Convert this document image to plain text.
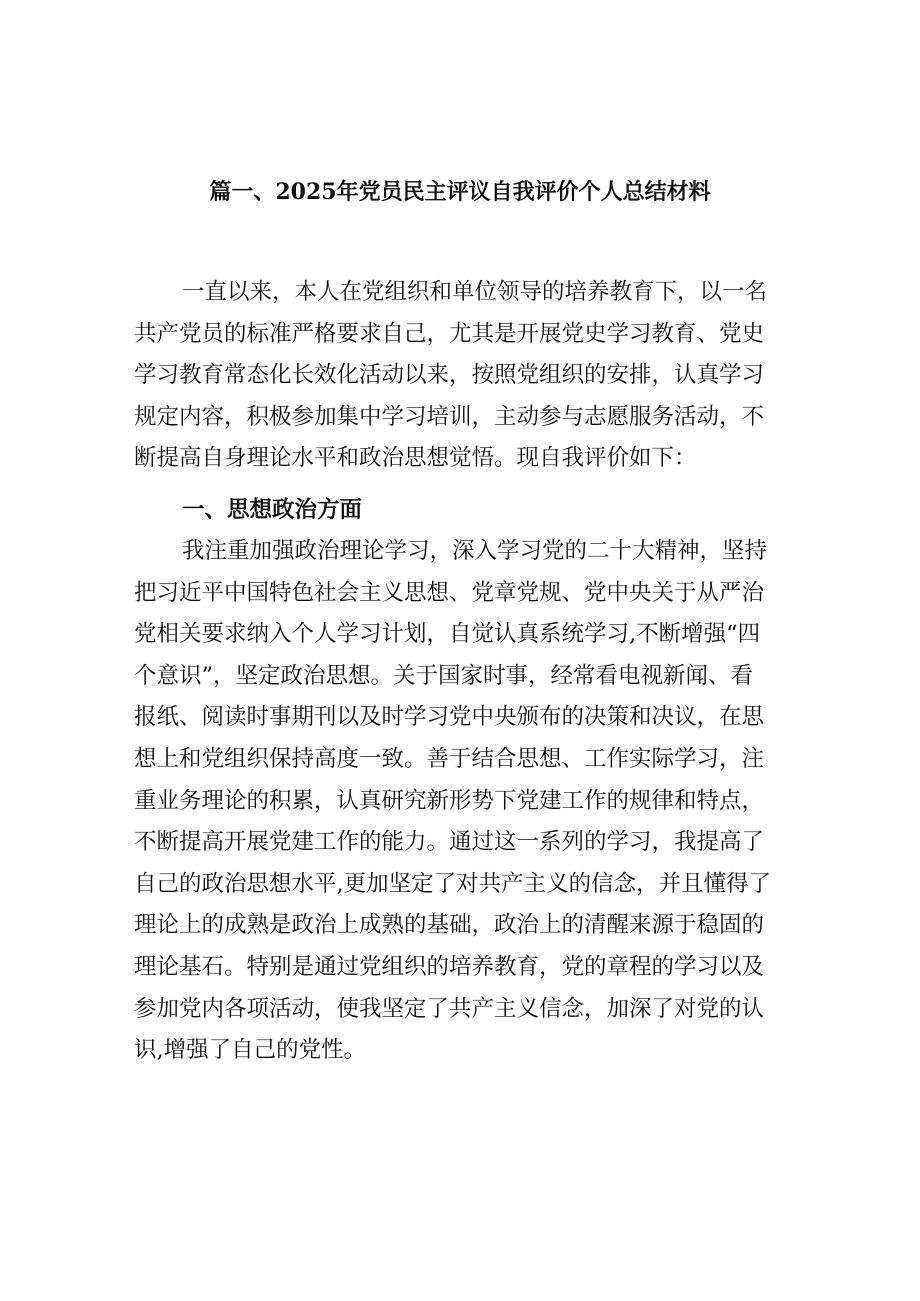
篇一、2025年党员民主评议自我评价个人总结材料
一直以来，本人在党组织和单位领导的培养教育下，以一名
共产党员的标准严格要求自己，尤其是开展党史学习教育、党史
学习教育常态化长效化活动以来，按照党组织的安排，认真学习
规定内容，积极参加集中学习培训，主动参与志愿服务活动，不
断提高自身理论水平和政治思想觉悟。现自我评价如下：
一、思想政治方面
我注重加强政治理论学习，深入学习党的二十大精神，坚持
把习近平中国特色社会主义思想、党章党规、党中央关于从严治
党相关要求纳入个人学习计划，自觉认真系统学习,不断增强“四
个意识”，坚定政治思想。关于国家时事，经常看电视新闻、看
报纸、阅读时事期刊以及时学习党中央颁布的决策和决议，在思
想上和党组织保持高度一致。善于结合思想、工作实际学习，注
重业务理论的积累，认真研究新形势下党建工作的规律和特点，
不断提高开展党建工作的能力。通过这一系列的学习，我提高了
自己的政治思想水平,更加坚定了对共产主义的信念，并且懂得了
理论上的成熟是政治上成熟的基础，政治上的清醒来源于稳固的
理论基石。特别是通过党组织的培养教育，党的章程的学习以及
参加党内各项活动，使我坚定了共产主义信念，加深了对党的认
识,增强了自己的党性。
